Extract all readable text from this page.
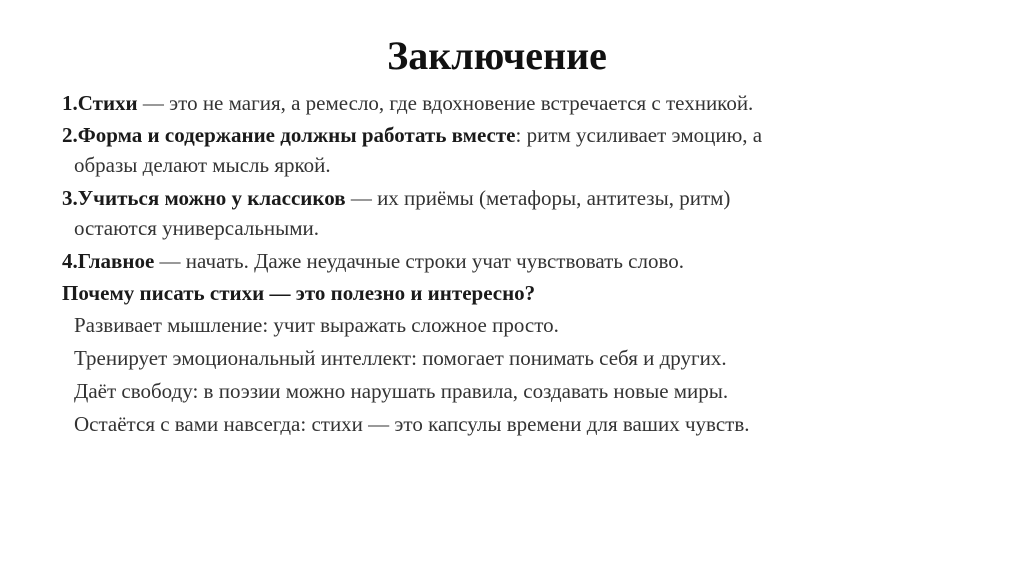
Заключение
1.Стихи — это не магия, а ремесло, где вдохновение встречается с техникой.
2.Форма и содержание должны работать вместе: ритм усиливает эмоцию, а
образы делают мысль яркой.
3.Учиться можно у классиков — их приёмы (метафоры, антитезы, ритм)
остаются универсальными.
4.Главное — начать. Даже неудачные строки учат чувствовать слово.
Почему писать стихи — это полезно и интересно?
Развивает мышление: учит выражать сложное просто.
Тренирует эмоциональный интеллект: помогает понимать себя и других.
Даёт свободу: в поэзии можно нарушать правила, создавать новые миры.
Остаётся с вами навсегда: стихи — это капсулы времени для ваших чувств.
